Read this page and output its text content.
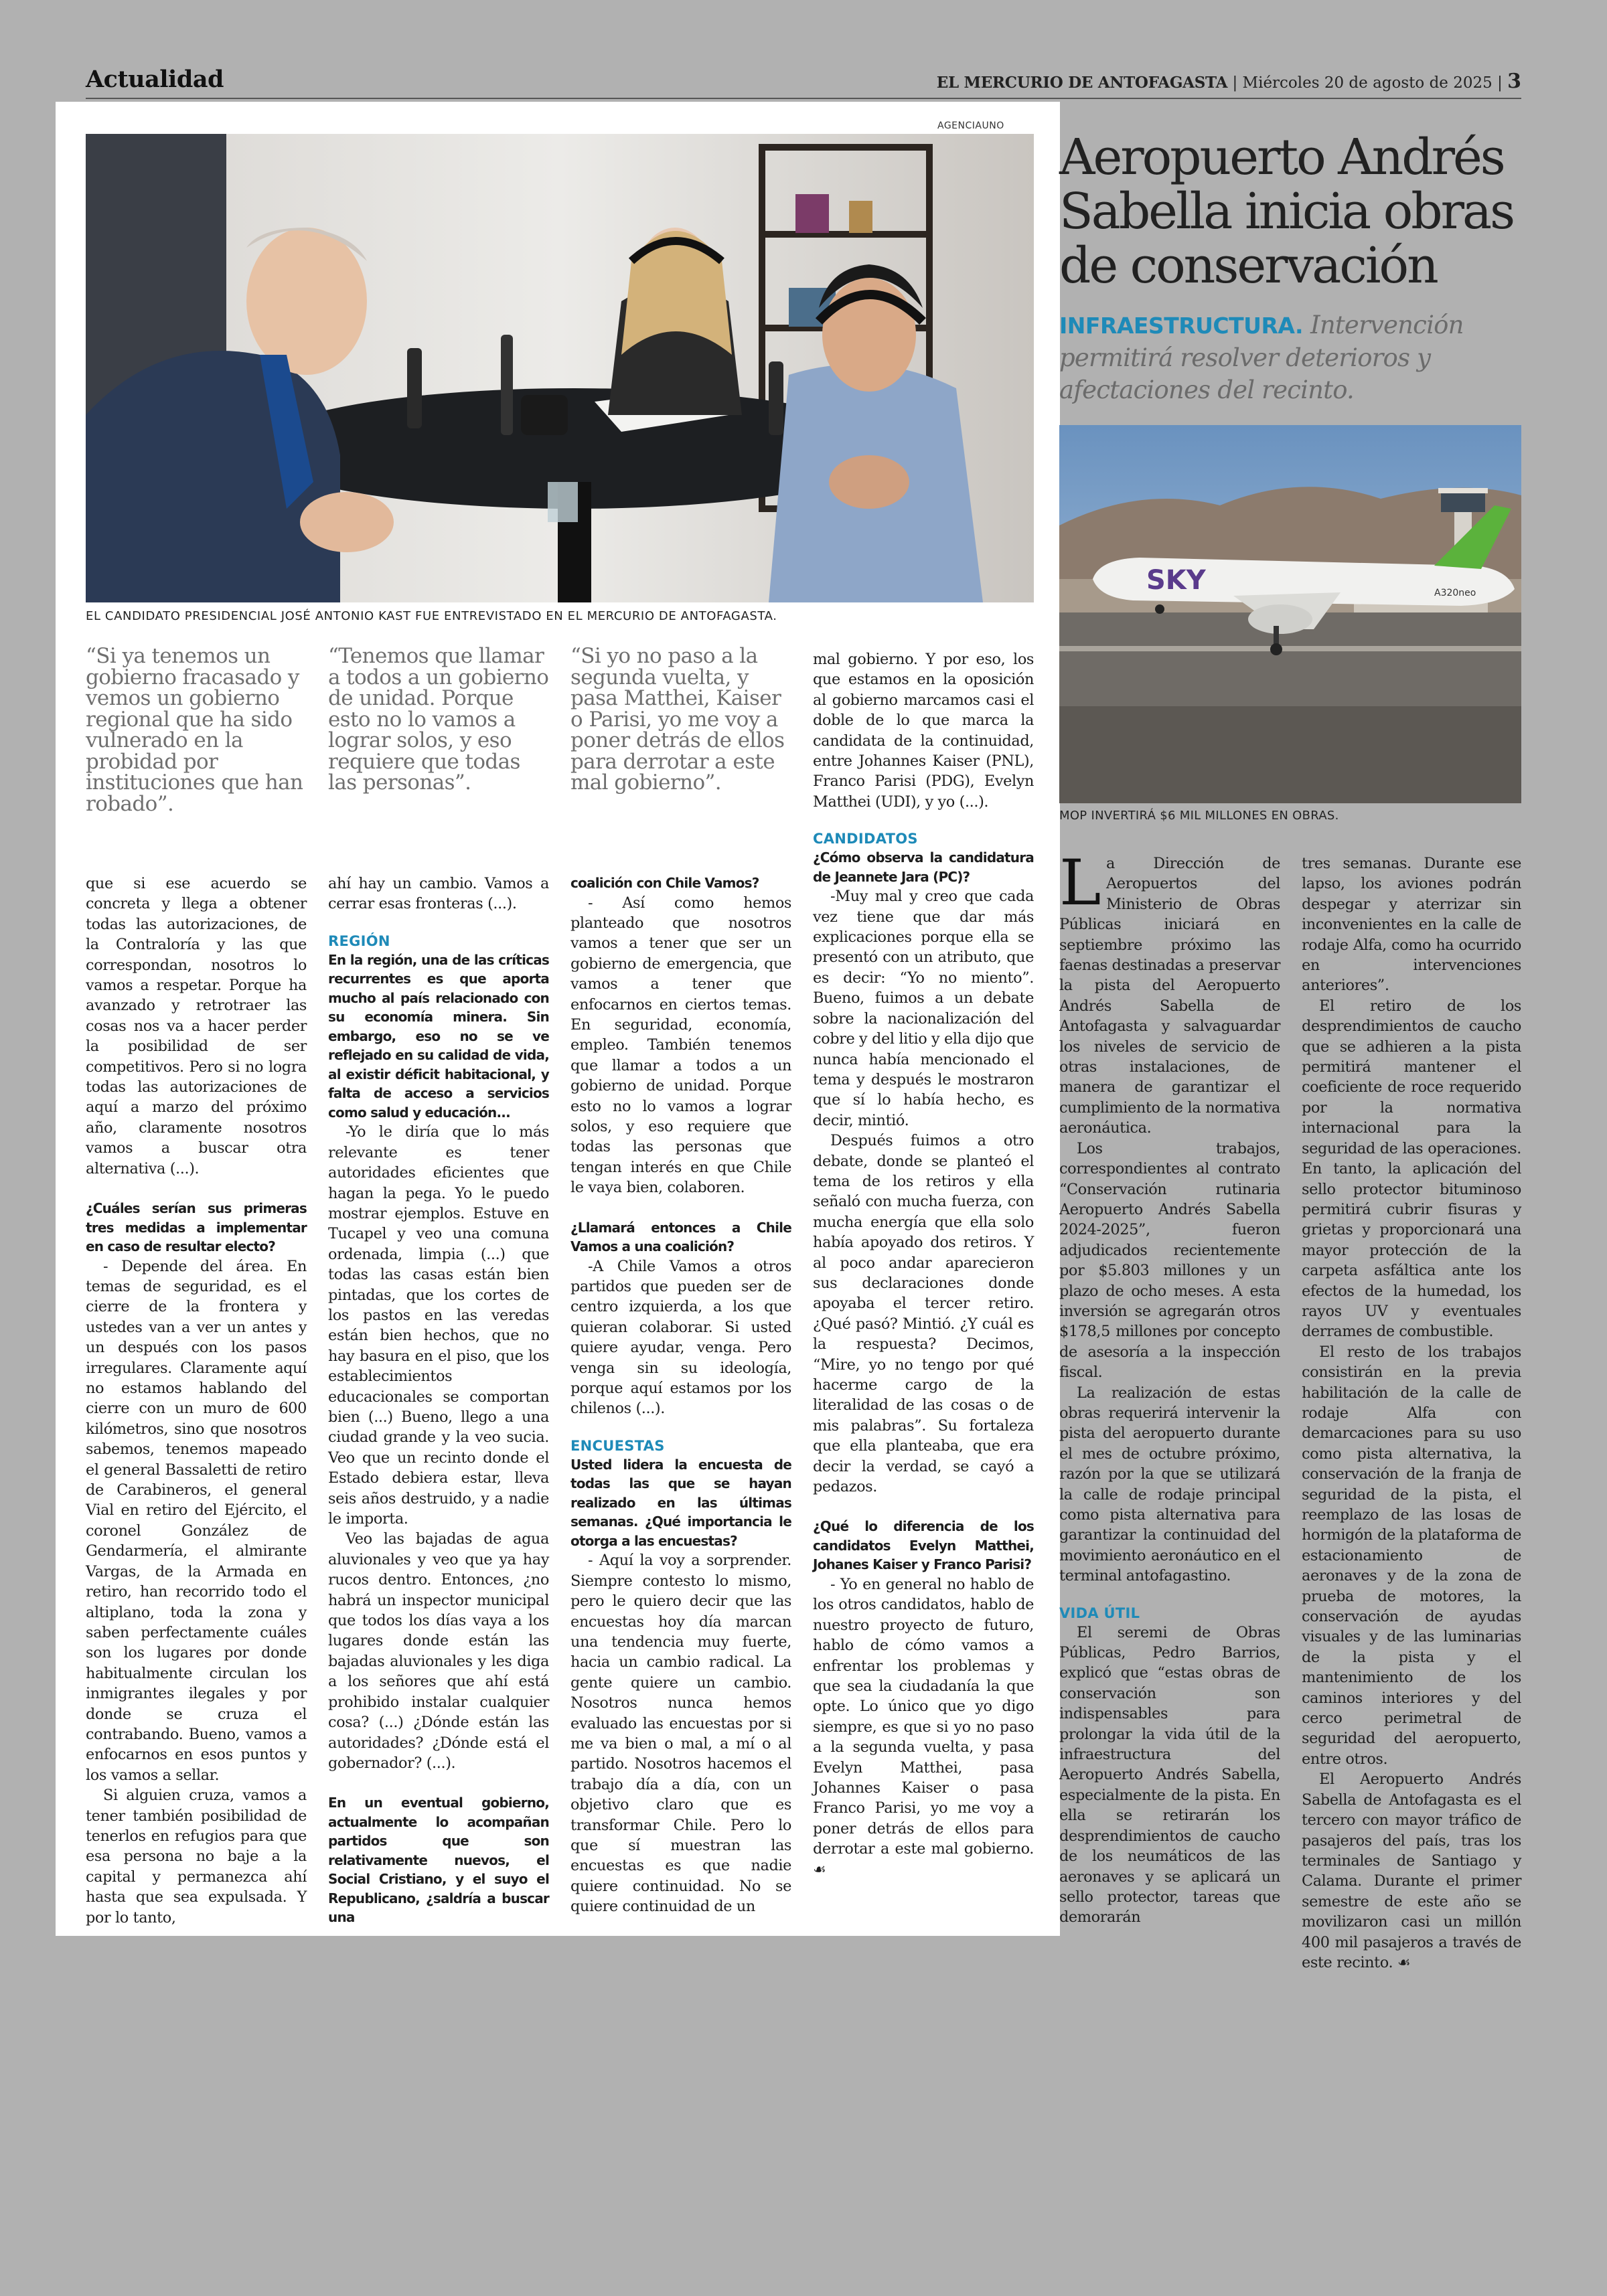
Actualidad	EL MERCURIO DE ANTOFAGASTA | Miércoles 20 de agosto de 2025 | 3
AGENCIAUNO
EL CANDIDATO PRESIDENCIAL JOSÉ ANTONIO KAST FUE ENTREVISTADO EN EL MERCURIO DE ANTOFAGASTA.
“Si ya tenemos un gobierno fracasado y vemos un gobierno regional que ha sido vulnerado en la probidad por instituciones que han robado”.
“Tenemos que llamar a todos a un gobierno de unidad. Porque esto no lo vamos a lograr solos, y eso requiere que todas las personas”.
“Si yo no paso a la segunda vuelta, y pasa Matthei, Kaiser o Parisi, yo me voy a poner detrás de ellos para derrotar a este mal gobierno”.

que si ese acuerdo se concreta y llega a obtener todas las autorizaciones, de la Contraloría y las que correspondan, nosotros lo vamos a respetar. Porque ha avanzado y retrotraer las cosas nos va a hacer perder la posibilidad de ser competitivos. Pero si no logra todas las autorizaciones de aquí a marzo del próximo año, claramente nosotros vamos a buscar otra alternativa (...).

¿Cuáles serían sus primeras tres medidas a implementar en caso de resultar electo?

- Depende del área. En temas de seguridad, es el cierre de la frontera y ustedes van a ver un antes y un después con los pasos irregulares. Claramente aquí no estamos hablando del cierre con un muro de 600 kilómetros, sino que nosotros sabemos, tenemos mapeado el general Bassaletti de retiro de Carabineros, el general Vial en retiro del Ejército, el coronel González de Gendarmería, el almirante Vargas, de la Armada en retiro, han recorrido todo el altiplano, toda la zona y saben perfectamente cuáles son los lugares por donde habitualmente circulan los inmigrantes ilegales y por donde se cruza el contrabando. Bueno, vamos a enfocarnos en esos puntos y los vamos a sellar.

Si alguien cruza, vamos a tener también posibilidad de tenerlos en refugios para que esa persona no baje a la capital y permanezca ahí hasta que sea expulsada. Y por lo tanto,

ahí hay un cambio. Vamos a cerrar esas fronteras (...).

REGIÓN

En la región, una de las críticas recurrentes es que aporta mucho al país relacionado con su economía minera. Sin embargo, eso no se ve reflejado en su calidad de vida, al existir déficit habitacional, y falta de acceso a servicios como salud y educación...

-Yo le diría que lo más relevante es tener autoridades eficientes que hagan la pega. Yo le puedo mostrar ejemplos. Estuve en Tucapel y veo una comuna ordenada, limpia (...) que todas las casas están bien pintadas, que los cortes de los pastos en las veredas están bien hechos, que no hay basura en el piso, que los establecimientos educacionales se comportan bien (...) Bueno, llego a una ciudad grande y la veo sucia. Veo que un recinto donde el Estado debiera estar, lleva seis años destruido, y a nadie le importa.

Veo las bajadas de agua aluvionales y veo que ya hay rucos dentro. Entonces, ¿no habrá un inspector municipal que todos los días vaya a los lugares donde están las bajadas aluvionales y les diga a los señores que ahí está prohibido instalar cualquier cosa? (...) ¿Dónde están las autoridades? ¿Dónde está el gobernador? (...).

En un eventual gobierno, actualmente lo acompañan partidos que son relativamente nuevos, el Social Cristiano, y el suyo el Republicano, ¿saldría a buscar una

coalición con Chile Vamos?

- Así como hemos planteado que nosotros vamos a tener que ser un gobierno de emergencia, que vamos a tener que enfocarnos en ciertos temas. En seguridad, economía, empleo. También tenemos que llamar a todos a un gobierno de unidad. Porque esto no lo vamos a lograr solos, y eso requiere que todas las personas que tengan interés en que Chile le vaya bien, colaboren.

¿Llamará entonces a Chile Vamos a una coalición?

-A Chile Vamos a otros partidos que pueden ser de centro izquierda, a los que quieran colaborar. Si usted quiere ayudar, venga. Pero venga sin su ideología, porque aquí estamos por los chilenos (...).

ENCUESTAS

Usted lidera la encuesta de todas las que se hayan realizado en las últimas semanas. ¿Qué importancia le otorga a las encuestas?

- Aquí la voy a sorprender. Siempre contesto lo mismo, pero le quiero decir que las encuestas hoy día marcan una tendencia muy fuerte, hacia un cambio radical. La gente quiere un cambio. Nosotros nunca hemos evaluado las encuestas por si me va bien o mal, a mí o al partido. Nosotros hacemos el trabajo día a día, con un objetivo claro que es transformar Chile. Pero lo que sí muestran las encuestas es que nadie quiere continuidad. No se quiere continuidad de un

mal gobierno. Y por eso, los que estamos en la oposición al gobierno marcamos casi el doble de lo que marca la candidata de la continuidad, entre Johannes Kaiser (PNL), Franco Parisi (PDG), Evelyn Matthei (UDI), y yo (...).

CANDIDATOS

¿Cómo observa la candidatura de Jeannete Jara (PC)?

-Muy mal y creo que cada vez tiene que dar más explicaciones porque ella se presentó con un atributo, que es decir: “Yo no miento”. Bueno, fuimos a un debate sobre la nacionalización del cobre y del litio y ella dijo que nunca había mencionado el tema y después le mostraron que sí lo había hecho, es decir, mintió.

Después fuimos a otro debate, donde se planteó el tema de los retiros y ella señaló con mucha fuerza, con mucha energía que ella solo había apoyado dos retiros. Y al poco andar aparecieron sus declaraciones donde apoyaba el tercer retiro. ¿Qué pasó? Mintió. ¿Y cuál es la respuesta? Decimos, “Mire, yo no tengo por qué hacerme cargo de la literalidad de las cosas o de mis palabras”. Su fortaleza que ella planteaba, que era decir la verdad, se cayó a pedazos.

¿Qué lo diferencia de los candidatos Evelyn Matthei, Johanes Kaiser y Franco Parisi?

- Yo en general no hablo de los otros candidatos, hablo de nuestro proyecto de futuro, hablo de cómo vamos a enfrentar los problemas y que sea la ciudadanía la que opte. Lo único que yo digo siempre, es que si yo no paso a la segunda vuelta, y pasa Evelyn Matthei, pasa Johannes Kaiser o pasa Franco Parisi, yo me voy a poner detrás de ellos para derrotar a este mal gobierno. ☙

Aeropuerto Andrés Sabella inicia obras de conservación
INFRAESTRUCTURA. Intervención permitirá resolver deterioros y afectaciones del recinto.
SKY	A320neo
MOP INVERTIRÁ $6 MIL MILLONES EN OBRAS.

La Dirección de Aeropuertos del Ministerio de Obras Públicas iniciará en septiembre próximo las faenas destinadas a preservar la pista del Aeropuerto Andrés Sabella de Antofagasta y salvaguardar los niveles de servicio de otras instalaciones, de manera de garantizar el cumplimiento de la normativa aeronáutica.

Los trabajos, correspondientes al contrato “Conservación rutinaria Aeropuerto Andrés Sabella 2024-2025”, fueron adjudicados recientemente por $5.803 millones y un plazo de ocho meses. A esta inversión se agregarán otros $178,5 millones por concepto de asesoría a la inspección fiscal.

La realización de estas obras requerirá intervenir la pista del aeropuerto durante el mes de octubre próximo, razón por la que se utilizará la calle de rodaje principal como pista alternativa para garantizar la continuidad del movimiento aeronáutico en el terminal antofagastino.

VIDA ÚTIL

El seremi de Obras Públicas, Pedro Barrios, explicó que “estas obras de conservación son indispensables para prolongar la vida útil de la infraestructura del Aeropuerto Andrés Sabella, especialmente de la pista. En ella se retirarán los desprendimientos de caucho de los neumáticos de las aeronaves y se aplicará un sello protector, tareas que demorarán

tres semanas. Durante ese lapso, los aviones podrán despegar y aterrizar sin inconvenientes en la calle de rodaje Alfa, como ha ocurrido en intervenciones anteriores”.

El retiro de los desprendimientos de caucho que se adhieren a la pista permitirá mantener el coeficiente de roce requerido por la normativa internacional para la seguridad de las operaciones. En tanto, la aplicación del sello protector bituminoso permitirá cubrir fisuras y grietas y proporcionará una mayor protección de la carpeta asfáltica ante los efectos de la humedad, los rayos UV y eventuales derrames de combustible.

El resto de los trabajos consistirán en la previa habilitación de la calle de rodaje Alfa con demarcaciones para su uso como pista alternativa, la conservación de la franja de seguridad de la pista, el reemplazo de las losas de hormigón de la plataforma de estacionamiento de aeronaves y de la zona de prueba de motores, la conservación de ayudas visuales y de las luminarias de la pista y el mantenimiento de los caminos interiores y del cerco perimetral de seguridad del aeropuerto, entre otros.

El Aeropuerto Andrés Sabella de Antofagasta es el tercero con mayor tráfico de pasajeros del país, tras los terminales de Santiago y Calama. Durante el primer semestre de este año se movilizaron casi un millón 400 mil pasajeros a través de este recinto. ☙
